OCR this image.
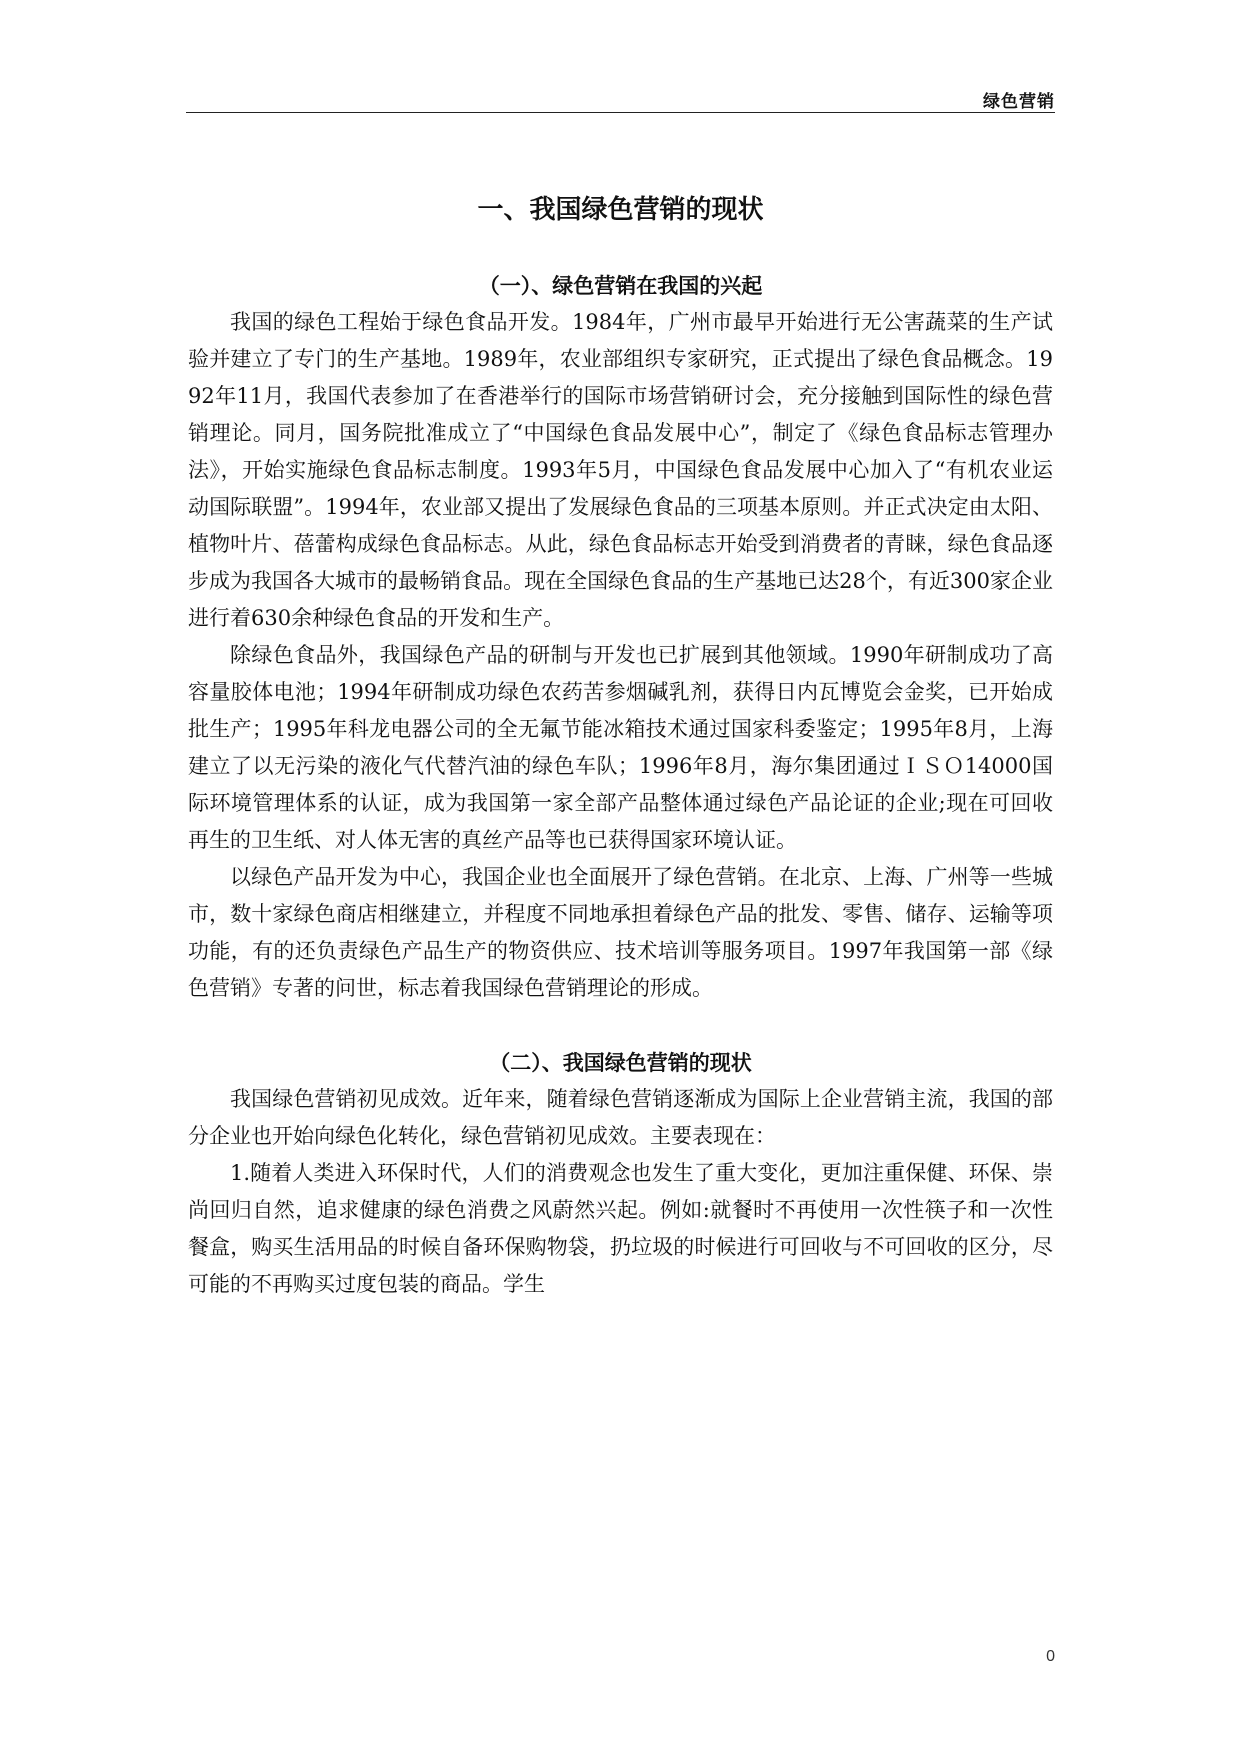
绿色营销
一、我国绿色营销的现状
（一）、绿色营销在我国的兴起

我国的绿色工程始于绿色食品开发。1984年，广州市最早开始进行无公害蔬菜的生产试验并建立了专门的生产基地。1989年，农业部组织专家研究，正式提出了绿色食品概念。1992年11月，我国代表参加了在香港举行的国际市场营销研讨会，充分接触到国际性的绿色营销理论。同月，国务院批准成立了“中国绿色食品发展中心”，制定了《绿色食品标志管理办法》，开始实施绿色食品标志制度。1993年5月，中国绿色食品发展中心加入了“有机农业运动国际联盟”。1994年，农业部又提出了发展绿色食品的三项基本原则。并正式决定由太阳、植物叶片、蓓蕾构成绿色食品标志。从此，绿色食品标志开始受到消费者的青睐，绿色食品逐步成为我国各大城市的最畅销食品。现在全国绿色食品的生产基地已达28个，有近300家企业进行着630余种绿色食品的开发和生产。

除绿色食品外，我国绿色产品的研制与开发也已扩展到其他领域。1990年研制成功了高容量胶体电池；1994年研制成功绿色农药苦参烟碱乳剂，获得日内瓦博览会金奖，已开始成批生产；1995年科龙电器公司的全无氟节能冰箱技术通过国家科委鉴定；1995年8月，上海建立了以无污染的液化气代替汽油的绿色车队；1996年8月，海尔集团通过ＩＳＯ14000国际环境管理体系的认证，成为我国第一家全部产品整体通过绿色产品论证的企业;现在可回收再生的卫生纸、对人体无害的真丝产品等也已获得国家环境认证。

以绿色产品开发为中心，我国企业也全面展开了绿色营销。在北京、上海、广州等一些城市，数十家绿色商店相继建立，并程度不同地承担着绿色产品的批发、零售、储存、运输等项功能，有的还负责绿色产品生产的物资供应、技术培训等服务项目。1997年我国第一部《绿色营销》专著的问世，标志着我国绿色营销理论的形成。

（二）、我国绿色营销的现状

我国绿色营销初见成效。近年来，随着绿色营销逐渐成为国际上企业营销主流，我国的部分企业也开始向绿色化转化，绿色营销初见成效。主要表现在：

1.随着人类进入环保时代，人们的消费观念也发生了重大变化，更加注重保健、环保、崇尚回归自然，追求健康的绿色消费之风蔚然兴起。例如:就餐时不再使用一次性筷子和一次性餐盒，购买生活用品的时候自备环保购物袋，扔垃圾的时候进行可回收与不可回收的区分，尽可能的不再购买过度包装的商品。学生

0
